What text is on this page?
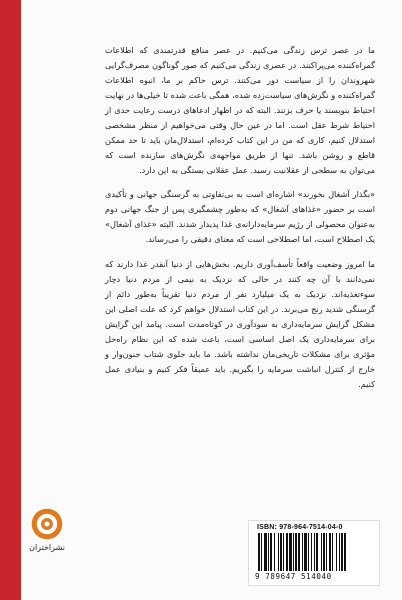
ما در عصر ترس زندگی می‌کنیم. در عصر منافع قدرتمندی که اطلاعات گمراه‌کننده می‌پراکنند. در عصری زندگی می‌کنیم که صور گوناگون مصرف‌گرایی شهروندان را از سیاست دور می‌کنند. ترس حاکم بر ما، انبوه اطلاعات گمراه‌کننده و نگرش‌های سیاست‌زده شده، همگی باعث شده تا خیلی‌ها در نهایت احتیاط بنویسند یا حرف بزنند. البته که در اظهار ادعاهای درست رعایت حدی از احتیاط شرط عقل است. اما در عین حال وقتی می‌خواهیم از منظر مشخصی استدلال کنیم، کاری که من در این کتاب کرده‌ام، استدلال‌مان باید تا حد ممکن قاطع و روشن باشد. تنها از طریق مواجهه‌ی نگرش‌های سازنده است که می‌توان به سطحی از عقلانیت رسید. عمل عقلانی بستگی به این دارد.

«بگذار آشغال بخورند» اشاره‌ای است به بی‌تفاوتی به گرسنگی جهانی و تأکیدی است بر حضور «غذاهای آشغال» که به‌طور چشمگیری پس از جنگ جهانی دوم به‌عنوان محصولی از رژیم سرمایه‌دارانه‌ی غذا پدیدار شدند. البته «غذای آشغال» یک اصطلاح است، اما اصطلاحی است که معنای دقیقی را می‌رساند.

ما امروز وضعیت واقعاً تأسف‌آوری داریم. بخش‌هایی از دنیا آنقدر غذا دارند که نمی‌دانند با آن چه کنند در حالی که نزدیک به نیمی از مردم دنیا دچار سوءتغذیه‌اند. نزدیک به یک میلیارد نفر از مردم دنیا تقریباً به‌طور دائم از گرسنگی شدید رنج می‌برند. در این کتاب استدلال خواهم کرد که علت اصلی این مشکل گرایش سرمایه‌داری به سودآوری در کوتاه‌مدت است. پیامد این گرایش برای سرمایه‌داری یک اصل اساسی است، باعث شده که این نظام راه‌حل مؤثری برای مشکلات تاریخی‌مان نداشته باشد. ما باید جلوی شتاب جنون‌وار و خارج از کنترل انباشت سرمایه را بگیریم. باید عمیقاً فکر کنیم و بنیادی عمل کنیم.

نشراختران
ISBN: 978-964-7514-04-0
9 789647 514040
